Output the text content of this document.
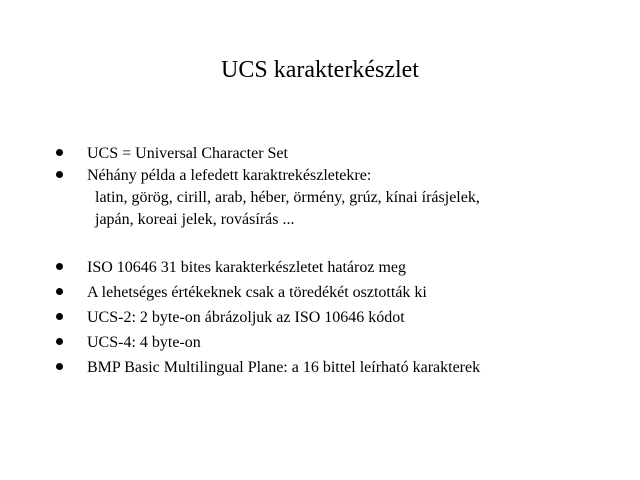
UCS karakterkészlet
UCS = Universal Character Set
Néhány példa a lefedett karaktrekészletekre:
latin, görög, cirill, arab, héber, örmény, grúz, kínai írásjelek,
japán, koreai jelek, rovásírás ...
ISO 10646 31 bites karakterkészletet határoz meg
A lehetséges értékeknek csak a töredékét osztották ki
UCS-2: 2 byte-on ábrázoljuk az ISO 10646 kódot
UCS-4: 4 byte-on
BMP Basic Multilingual Plane: a 16 bittel leírható karakterek
